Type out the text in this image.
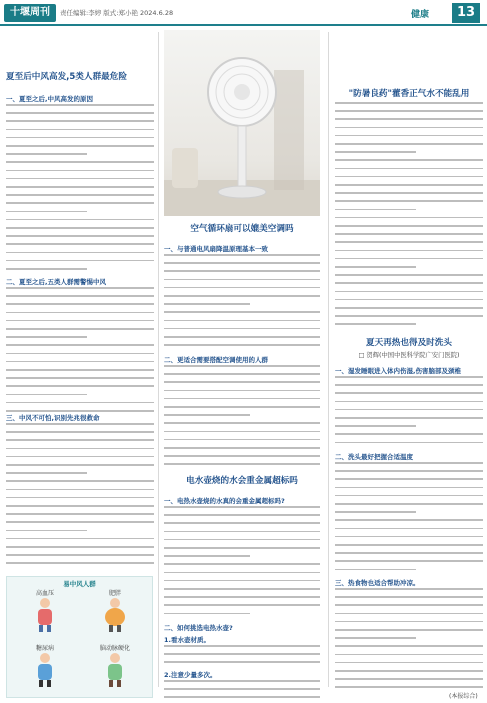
十堰周刊	责任编辑:李婷 版式:郑小艳 2024.6.28	健康	13
夏至后中风高发,5类人群最危险
一、夏至之后,中风高发的原因
二、夏至之后,五类人群需警惕中风
三、中风不可怕,识别先兆很救命
易中风人群
高血压	肥胖
糖尿病	脑动脉硬化
空气循环扇可以媲美空调吗
一、与普通电风扇降温原理基本一致
二、更适合需要搭配空调使用的人群
电水壶烧的水会重金属超标吗
一、电热水壶烧的水真的会重金属超标吗?
二、如何挑选电热水壶?
1.看水壶材质。
2.注意少量多次。
"防暑良药"藿香正气水不能乱用
夏天再热也得及时洗头
□ 贺辉(中国中医科学院广安门医院)
一、湿发睡眠进入体内伤湿,伤害脑部及颈椎
二、洗头最好把握合适温度
三、热食物也适合帮助冲凉。
(本报综合)
